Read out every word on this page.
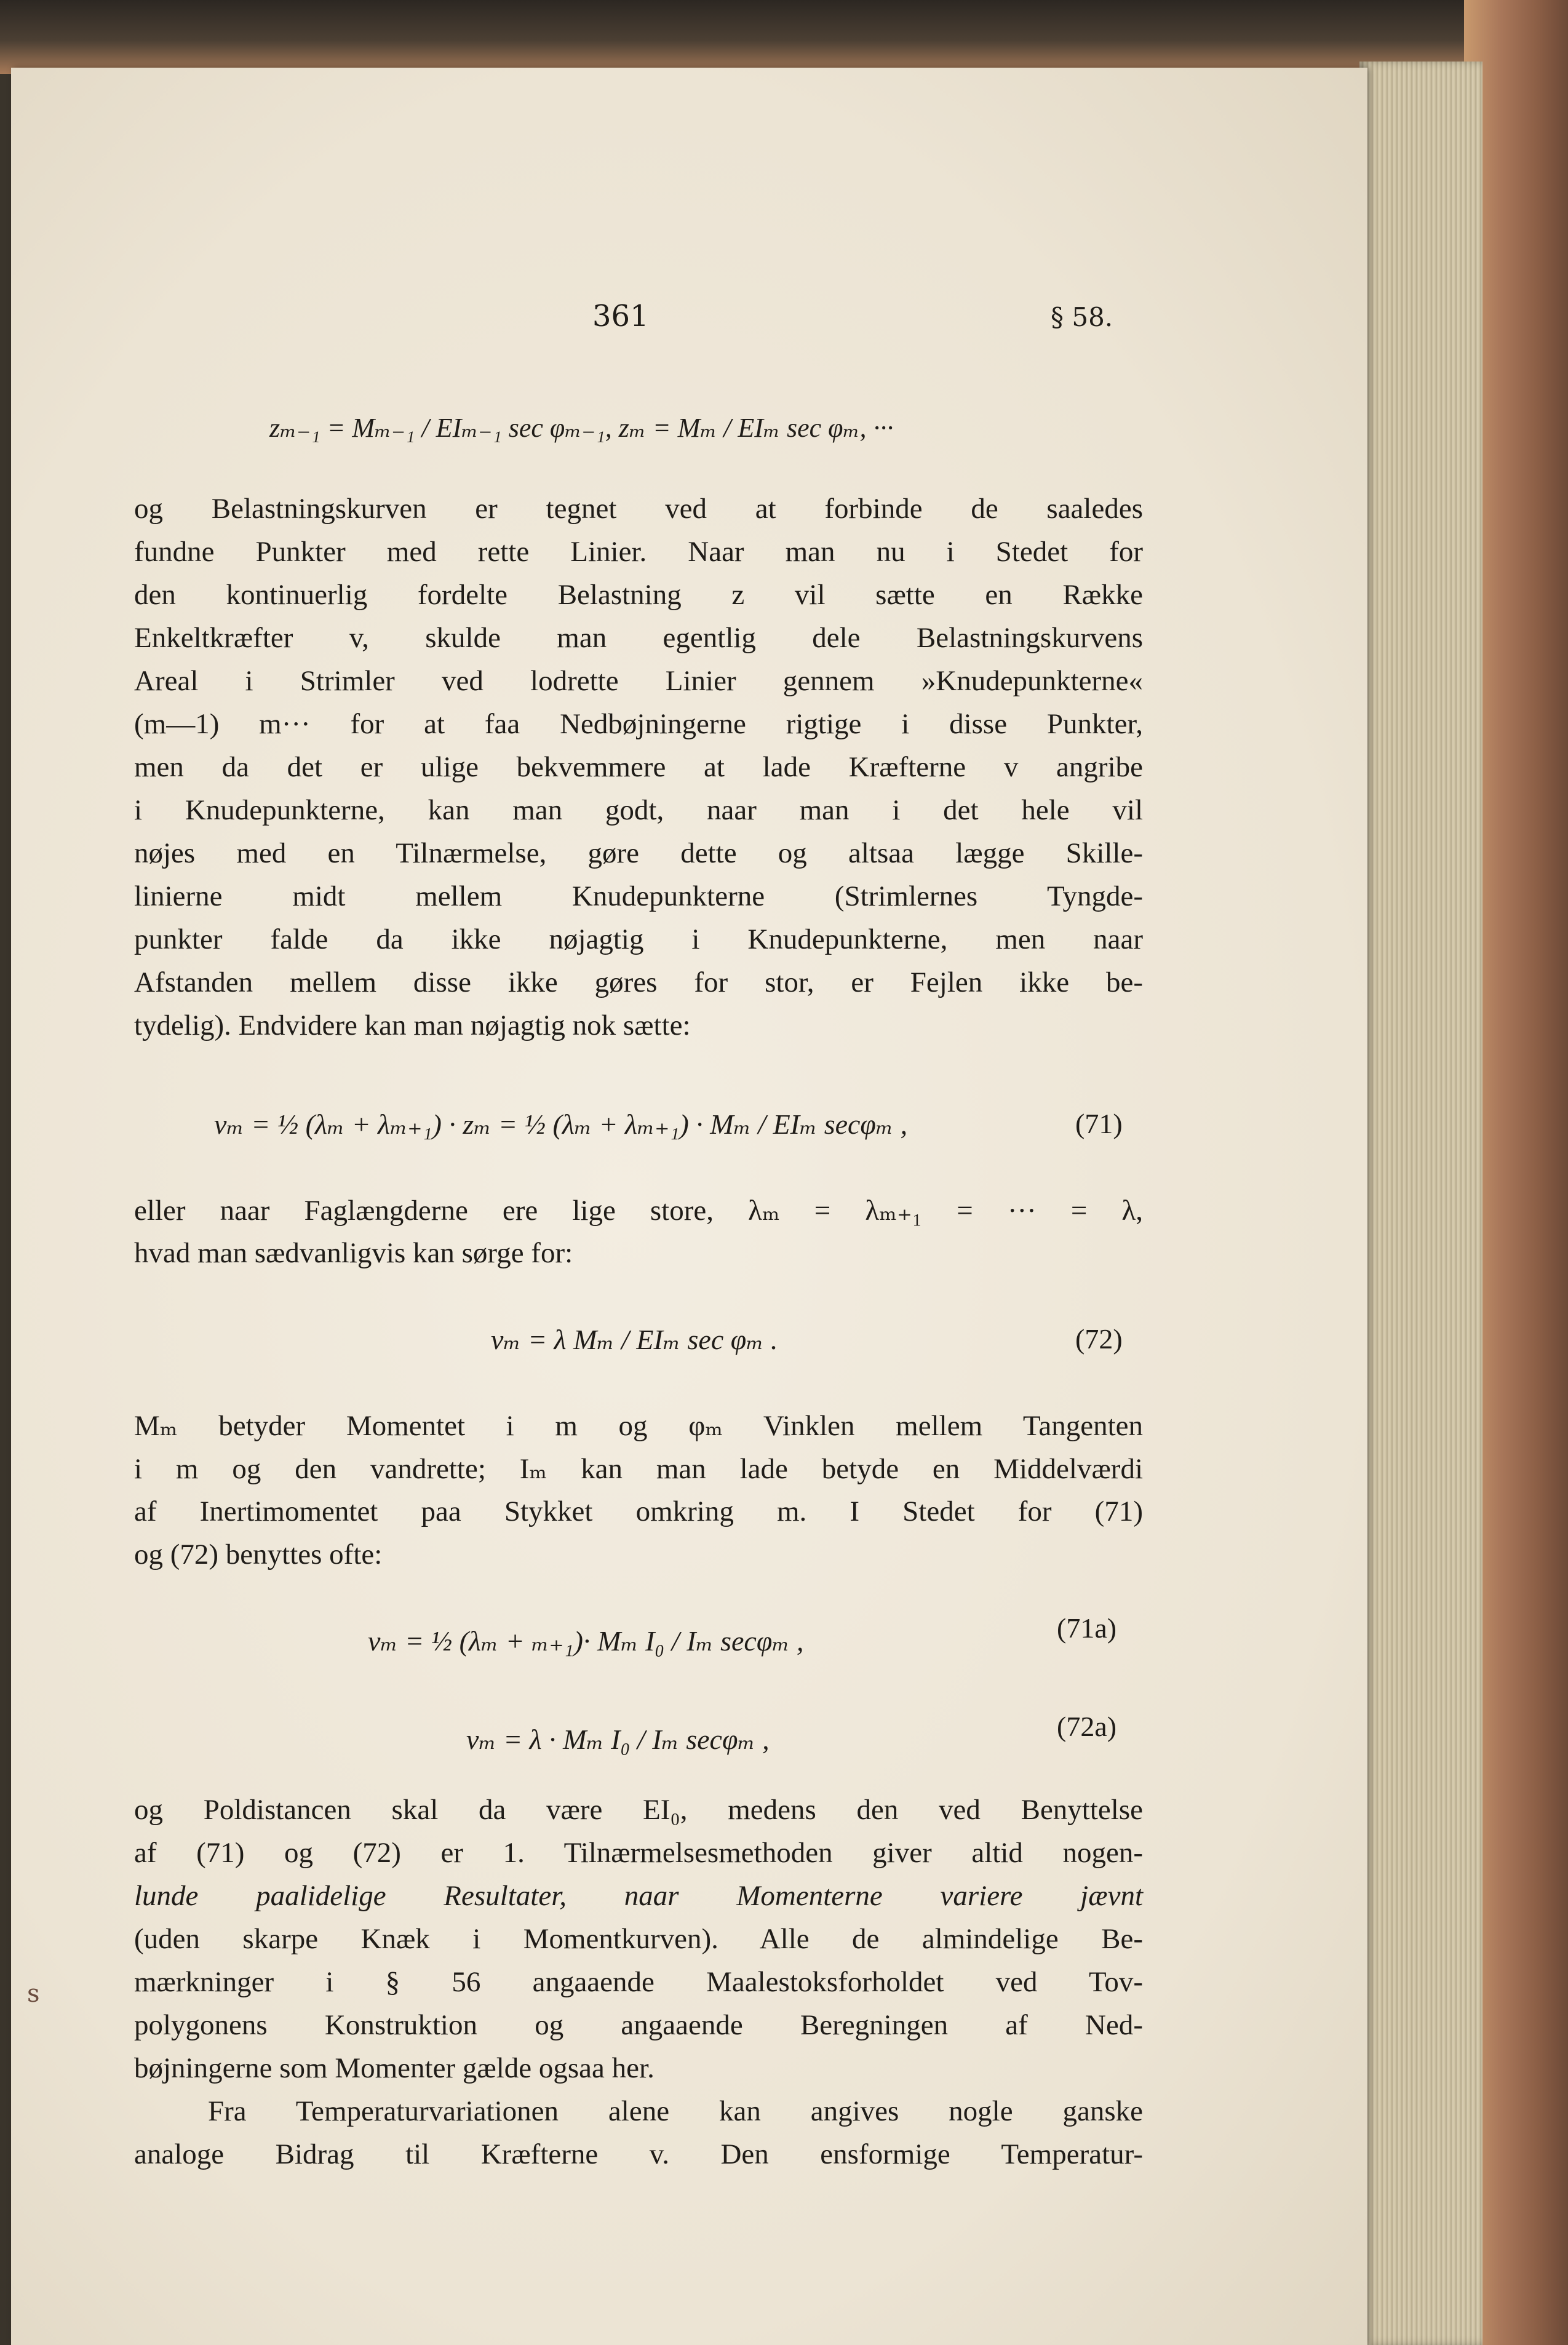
361	§ 58.
zₘ₋₁ = Mₘ₋₁ / EIₘ₋₁ sec φₘ₋₁, zₘ = Mₘ / EIₘ sec φₘ, ···
og Belastningskurven er tegnet ved at forbinde de saaledes
fundne Punkter med rette Linier. Naar man nu i Stedet for
den kontinuerlig fordelte Belastning z vil sætte en Række
Enkeltkræfter v, skulde man egentlig dele Belastningskurvens
Areal i Strimler ved lodrette Linier gennem »Knudepunkterne«
(m—1) m··· for at faa Nedbøjningerne rigtige i disse Punkter,
men da det er ulige bekvemmere at lade Kræfterne v angribe
i Knudepunkterne, kan man godt, naar man i det hele vil
nøjes med en Tilnærmelse, gøre dette og altsaa lægge Skille-
linierne midt mellem Knudepunkterne (Strimlernes Tyngde-
punkter falde da ikke nøjagtig i Knudepunkterne, men naar
Afstanden mellem disse ikke gøres for stor, er Fejlen ikke be-
tydelig). Endvidere kan man nøjagtig nok sætte:
vₘ = ½ (λₘ + λₘ₊₁) · zₘ = ½ (λₘ + λₘ₊₁) · Mₘ / EIₘ secφₘ ,	(71)
eller naar Faglængderne ere lige store, λₘ = λₘ₊₁ = ··· = λ,
hvad man sædvanligvis kan sørge for:
vₘ = λ Mₘ / EIₘ sec φₘ .	(72)
Mₘ betyder Momentet i m og φₘ Vinklen mellem Tangenten
i m og den vandrette; Iₘ kan man lade betyde en Middelværdi
af Inertimomentet paa Stykket omkring m. I Stedet for (71)
og (72) benyttes ofte:
vₘ = ½ (λₘ + ₘ₊₁)· Mₘ I₀ / Iₘ secφₘ ,	(71a)
vₘ = λ · Mₘ I₀ / Iₘ secφₘ ,	(72a)
og Poldistancen skal da være EI₀, medens den ved Benyttelse
af (71) og (72) er 1. Tilnærmelsesmethoden giver altid nogen-
lunde paalidelige Resultater, naar Momenterne variere jævnt
(uden skarpe Knæk i Momentkurven). Alle de almindelige Be-
mærkninger i § 56 angaaende Maalestoksforholdet ved Tov-
polygonens Konstruktion og angaaende Beregningen af Ned-
bøjningerne som Momenter gælde ogsaa her.
Fra Temperaturvariationen alene kan angives nogle ganske
analoge Bidrag til Kræfterne v. Den ensformige Temperatur-
s
